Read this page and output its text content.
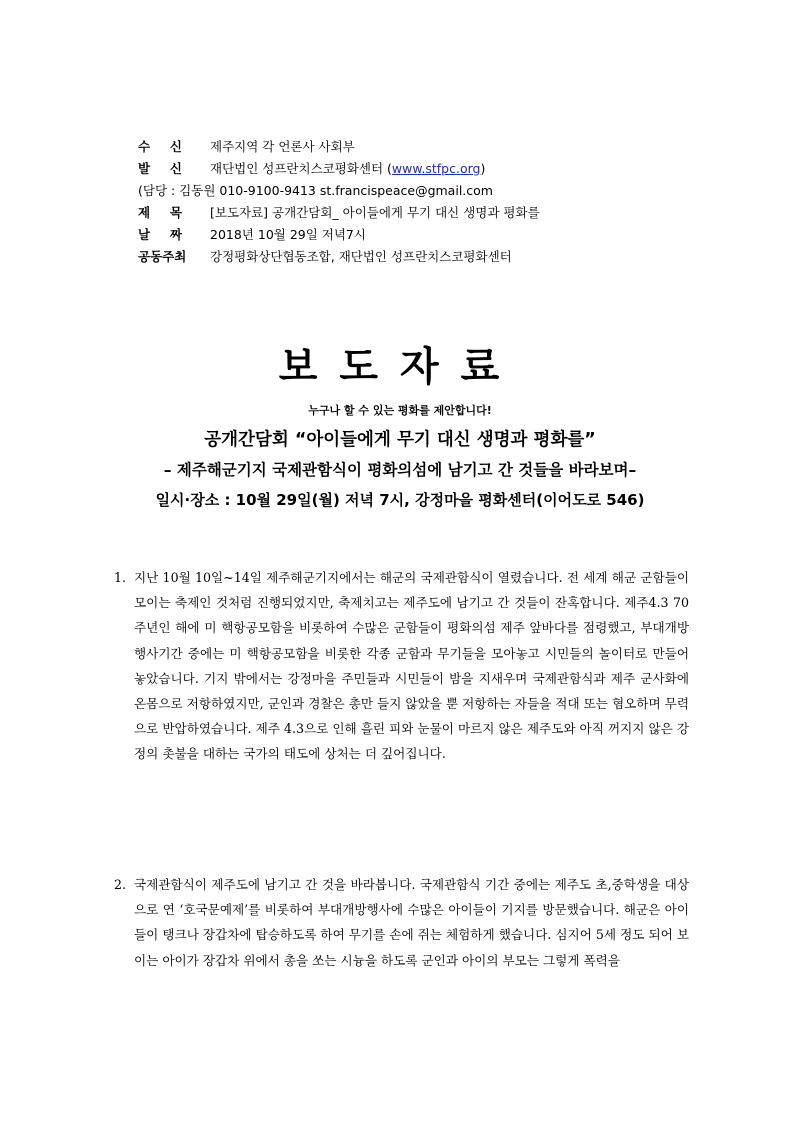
수 신 제주지역 각 언론사 사회부
발 신 재단법인 성프란치스코평화센터 (www.stfpc.org)
(담당 : 김동원 010-9100-9413 st.francispeace@gmail.com
제 목 [보도자료] 공개간담회_ 아이들에게 무기 대신 생명과 평화를
날 짜 2018년 10월 29일 저녁7시
공동주최	강정평화상단협동조합, 재단법인 성프란치스코평화센터
보도자료
누구나 할 수 있는 평화를 제안합니다!
공개간담회 “아이들에게 무기 대신 생명과 평화를”
– 제주해군기지 국제관함식이 평화의섬에 남기고 간 것들을 바라보며–
일시·장소 : 10월 29일(월) 저녁 7시, 강정마을 평화센터(이어도로 546)
1. 지난 10월 10일~14일 제주해군기지에서는 해군의 국제관함식이 열렸습니다. 전 세계 해군 군함들이 모이는 축제인 것처럼 진행되었지만, 축제치고는 제주도에 남기고 간 것들이 잔혹합니다. 제주4.3 70주년인 해에 미 핵항공모함을 비롯하여 수많은 군함들이 평화의섬 제주 앞바다를 점령했고, 부대개방 행사기간 중에는 미 핵항공모함을 비롯한 각종 군함과 무기들을 모아놓고 시민들의 놀이터로 만들어 놓았습니다. 기지 밖에서는 강정마을 주민들과 시민들이 밤을 지새우며 국제관함식과 제주 군사화에 온몸으로 저항하였지만, 군인과 경찰은 총만 들지 않았을 뿐 저항하는 자들을 적대 또는 혐오하며 무력으로 반압하였습니다. 제주 4.3으로 인해 흘린 피와 눈물이 마르지 않은 제주도와 아직 꺼지지 않은 강정의 촛불을 대하는 국가의 태도에 상처는 더 깊어집니다.
2. 국제관함식이 제주도에 남기고 간 것을 바라봅니다. 국제관함식 기간 중에는 제주도 초,중학생을 대상으로 연 ‘호국문예제’를 비롯하여 부대개방행사에 수많은 아이들이 기지를 방문했습니다. 해군은 아이들이 탱크나 장갑차에 탑승하도록 하여 무기를 손에 쥐는 체험하게 했습니다. 심지어 5세 정도 되어 보이는 아이가 장갑차 위에서 총을 쏘는 시늉을 하도록 군인과 아이의 부모는 그렇게 폭력을
